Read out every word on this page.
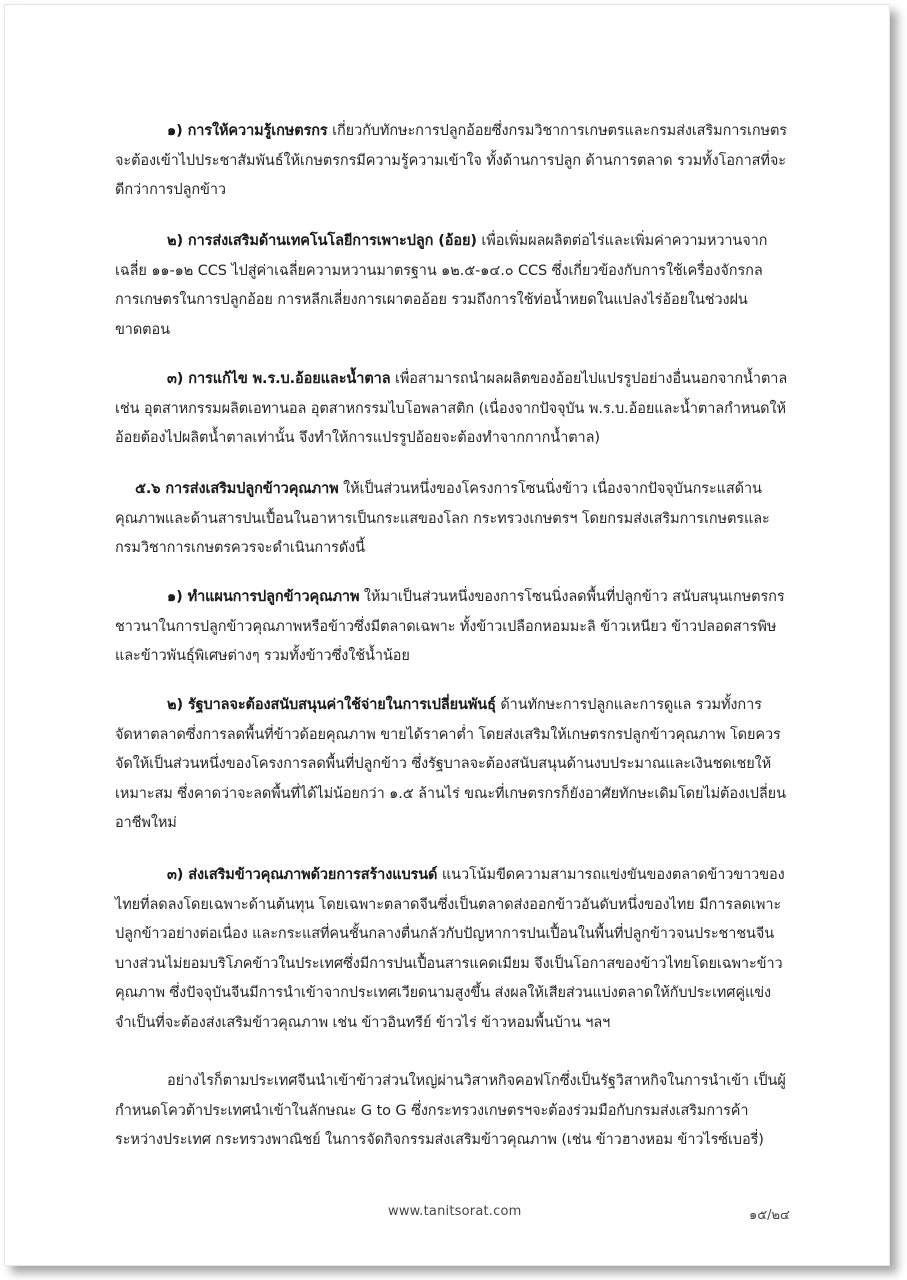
๑) การให้ความรู้เกษตรกร เกี่ยวกับทักษะการปลูกอ้อยซึ่งกรมวิชาการเกษตรและกรมส่งเสริมการเกษตรจะต้องเข้าไปประชาสัมพันธ์ให้เกษตรกรมีความรู้ความเข้าใจ ทั้งด้านการปลูก ด้านการตลาด รวมทั้งโอกาสที่จะดีกว่าการปลูกข้าว

๒) การส่งเสริมด้านเทคโนโลยีการเพาะปลูก (อ้อย) เพื่อเพิ่มผลผลิตต่อไร่และเพิ่มค่าความหวานจากเฉลี่ย ๑๑-๑๒ CCS ไปสู่ค่าเฉลี่ยความหวานมาตรฐาน ๑๒.๕-๑๔.๐ CCS ซึ่งเกี่ยวข้องกับการใช้เครื่องจักรกลการเกษตรในการปลูกอ้อย การหลีกเลี่ยงการเผาตออ้อย รวมถึงการใช้ท่อน้ำหยดในแปลงไร่อ้อยในช่วงฝนขาดตอน

๓) การแก้ไข พ.ร.บ.อ้อยและน้ำตาล เพื่อสามารถนำผลผลิตของอ้อยไปแปรรูปอย่างอื่นนอกจากน้ำตาล เช่น อุตสาหกรรมผลิตเอทานอล อุตสาหกรรมไบโอพลาสติก (เนื่องจากปัจจุบัน พ.ร.บ.อ้อยและน้ำตาลกำหนดให้อ้อยต้องไปผลิตน้ำตาลเท่านั้น จึงทำให้การแปรรูปอ้อยจะต้องทำจากกากน้ำตาล)

๕.๖ การส่งเสริมปลูกข้าวคุณภาพ ให้เป็นส่วนหนึ่งของโครงการโซนนิ่งข้าว เนื่องจากปัจจุบันกระแสด้านคุณภาพและด้านสารปนเปื้อนในอาหารเป็นกระแสของโลก กระทรวงเกษตรฯ โดยกรมส่งเสริมการเกษตรและกรมวิชาการเกษตรควรจะดำเนินการดังนี้

๑) ทำแผนการปลูกข้าวคุณภาพ ให้มาเป็นส่วนหนึ่งของการโซนนิ่งลดพื้นที่ปลูกข้าว สนับสนุนเกษตรกรชาวนาในการปลูกข้าวคุณภาพหรือข้าวซึ่งมีตลาดเฉพาะ ทั้งข้าวเปลือกหอมมะลิ ข้าวเหนียว ข้าวปลอดสารพิษ และข้าวพันธุ์พิเศษต่างๆ รวมทั้งข้าวซึ่งใช้น้ำน้อย

๒) รัฐบาลจะต้องสนับสนุนค่าใช้จ่ายในการเปลี่ยนพันธุ์ ด้านทักษะการปลูกและการดูแล รวมทั้งการจัดหาตลาดซึ่งการลดพื้นที่ข้าวด้อยคุณภาพ ขายได้ราคาต่ำ โดยส่งเสริมให้เกษตรกรปลูกข้าวคุณภาพ โดยควรจัดให้เป็นส่วนหนึ่งของโครงการลดพื้นที่ปลูกข้าว ซึ่งรัฐบาลจะต้องสนับสนุนด้านงบประมาณและเงินชดเชยให้เหมาะสม ซึ่งคาดว่าจะลดพื้นที่ได้ไม่น้อยกว่า ๑.๕ ล้านไร่ ขณะที่เกษตรกรก็ยังอาศัยทักษะเดิมโดยไม่ต้องเปลี่ยนอาชีพใหม่

๓) ส่งเสริมข้าวคุณภาพด้วยการสร้างแบรนด์ แนวโน้มขีดความสามารถแข่งขันของตลาดข้าวขาวของไทยที่ลดลงโดยเฉพาะด้านต้นทุน โดยเฉพาะตลาดจีนซึ่งเป็นตลาดส่งออกข้าวอันดับหนึ่งของไทย มีการลดเพาะปลูกข้าวอย่างต่อเนื่อง และกระแสที่คนชั้นกลางตื่นกลัวกับปัญหาการปนเปื้อนในพื้นที่ปลูกข้าวจนประชาชนจีนบางส่วนไม่ยอมบริโภคข้าวในประเทศซึ่งมีการปนเปื้อนสารแคดเมียม จึงเป็นโอกาสของข้าวไทยโดยเฉพาะข้าวคุณภาพ ซึ่งปัจจุบันจีนมีการนำเข้าจากประเทศเวียดนามสูงขึ้น ส่งผลให้เสียส่วนแบ่งตลาดให้กับประเทศคู่แข่ง จำเป็นที่จะต้องส่งเสริมข้าวคุณภาพ เช่น ข้าวอินทรีย์ ข้าวไร่ ข้าวหอมพื้นบ้าน ฯลฯ

อย่างไรก็ตามประเทศจีนนำเข้าข้าวส่วนใหญ่ผ่านวิสาหกิจคอฟโกซึ่งเป็นรัฐวิสาหกิจในการนำเข้า เป็นผู้กำหนดโควต้าประเทศนำเข้าในลักษณะ G to G ซึ่งกระทรวงเกษตรฯจะต้องร่วมมือกับกรมส่งเสริมการค้าระหว่างประเทศ กระทรวงพาณิชย์ ในการจัดกิจกรรมส่งเสริมข้าวคุณภาพ (เช่น ข้าวฮางหอม ข้าวไรซ์เบอรี่)

www.tanitsorat.com	๑๕/๒๔
